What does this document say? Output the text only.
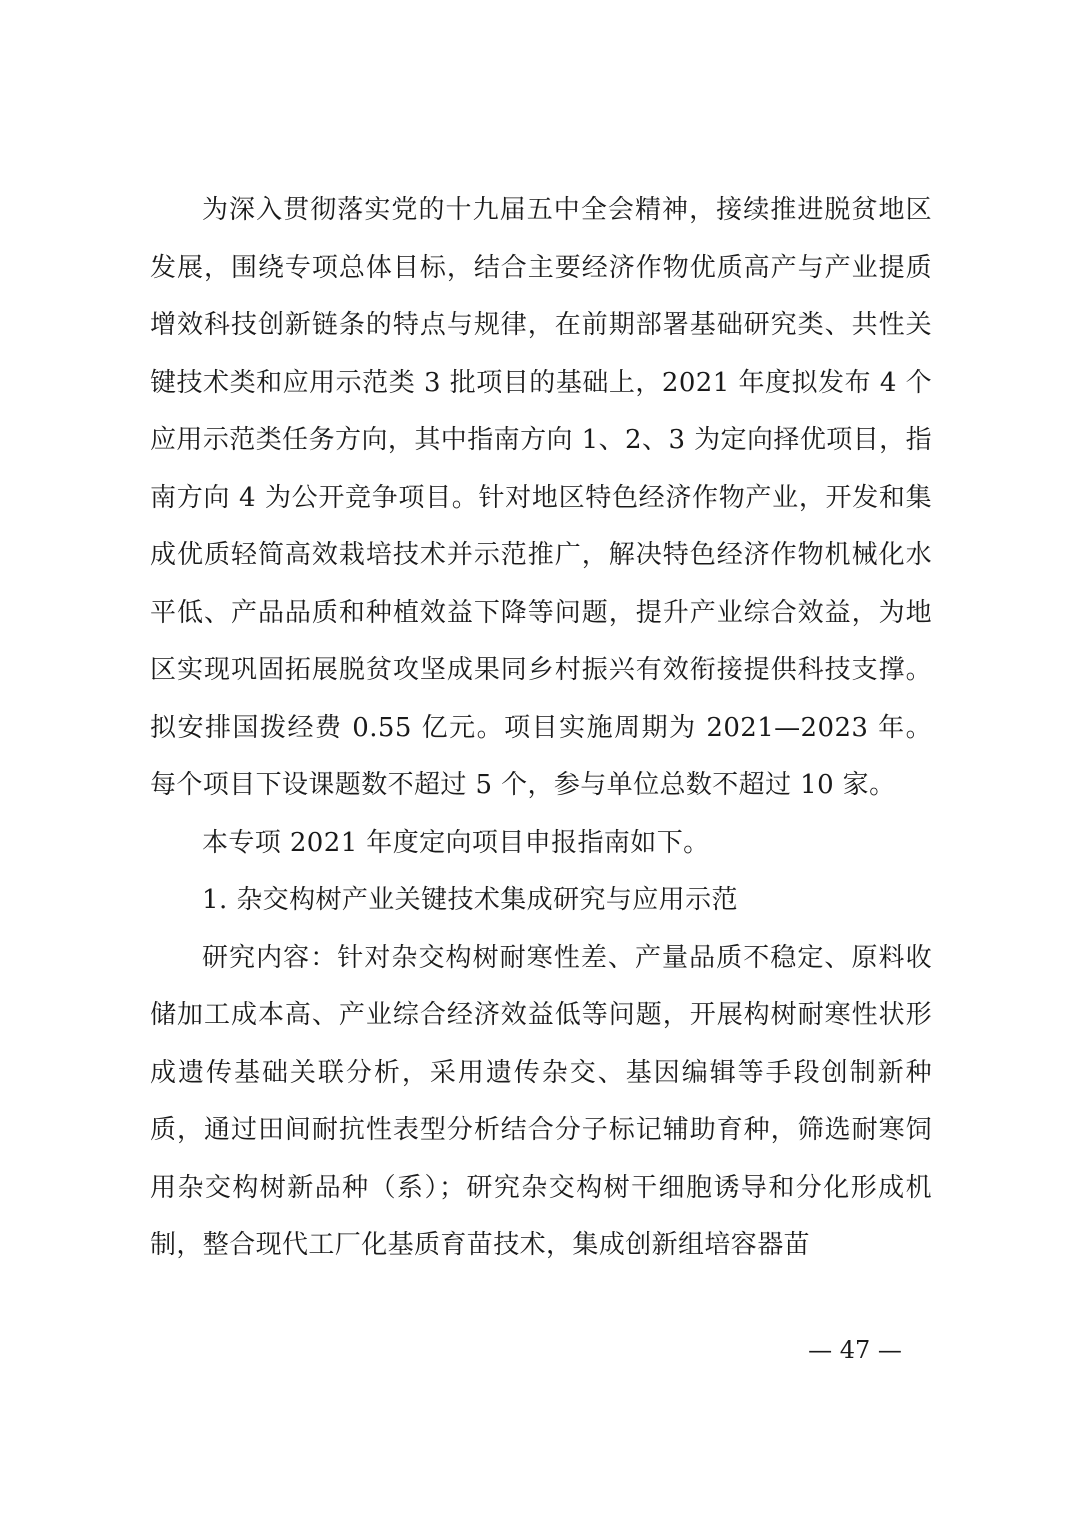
为深入贯彻落实党的十九届五中全会精神，接续推进脱贫地区发展，围绕专项总体目标，结合主要经济作物优质高产与产业提质增效科技创新链条的特点与规律，在前期部署基础研究类、共性关键技术类和应用示范类 3 批项目的基础上，2021 年度拟发布 4 个应用示范类任务方向，其中指南方向 1、2、3 为定向择优项目，指南方向 4 为公开竞争项目。针对地区特色经济作物产业，开发和集成优质轻简高效栽培技术并示范推广，解决特色经济作物机械化水平低、产品品质和种植效益下降等问题，提升产业综合效益，为地区实现巩固拓展脱贫攻坚成果同乡村振兴有效衔接提供科技支撑。拟安排国拨经费 0.55 亿元。项目实施周期为 2021—2023 年。每个项目下设课题数不超过 5 个，参与单位总数不超过 10 家。

本专项 2021 年度定向项目申报指南如下。

1. 杂交构树产业关键技术集成研究与应用示范

研究内容：针对杂交构树耐寒性差、产量品质不稳定、原料收储加工成本高、产业综合经济效益低等问题，开展构树耐寒性状形成遗传基础关联分析，采用遗传杂交、基因编辑等手段创制新种质，通过田间耐抗性表型分析结合分子标记辅助育种，筛选耐寒饲用杂交构树新品种（系）；研究杂交构树干细胞诱导和分化形成机制，整合现代工厂化基质育苗技术，集成创新组培容器苗

— 47 —
